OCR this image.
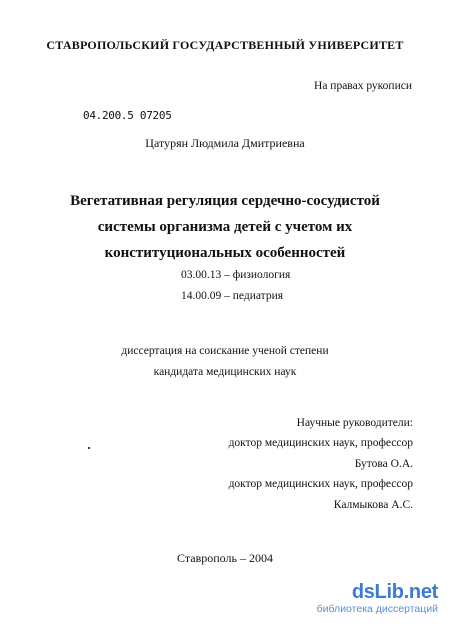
СТАВРОПОЛЬСКИЙ ГОСУДАРСТВЕННЫЙ УНИВЕРСИТЕТ
На правах рукописи
04.200.5 07205
Цатурян Людмила Дмитриевна
Вегетативная регуляция сердечно-сосудистой
системы организма детей с учетом их
конституциональных особенностей
03.00.13 – физиология
14.00.09 – педиатрия
диссертация на соискание ученой степени
кандидата медицинских наук
Научные руководители:
доктор медицинских наук, профессор
Бутова О.А.
доктор медицинских наук, профессор
Калмыкова А.С.
Ставрополь – 2004
dsLib.net
библиотека диссертаций
